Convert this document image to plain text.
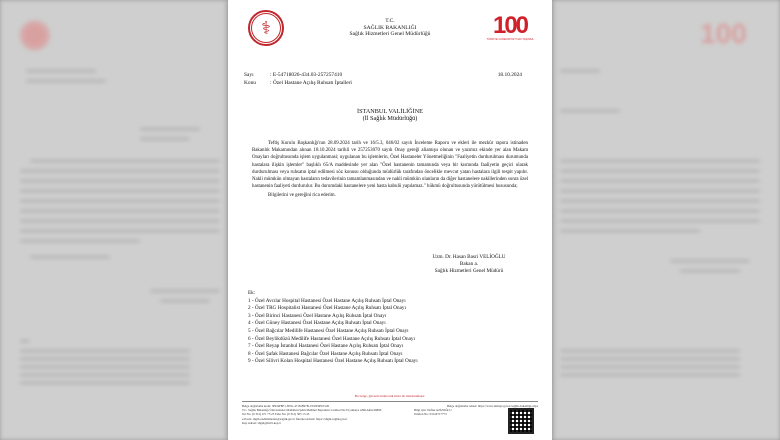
✺	100
⚕	100
TÜRKİYE CUMHURİYETİ 100 YAŞINDA
T.C.
SAĞLIK BAKANLIĞI
Sağlık Hizmetleri Genel Müdürlüğü
Sayı	: E-54718026-434.03-257257410
Konu	: Özel Hastane Açılış Ruhsatı İptalleri
18.10.2024
İSTANBUL VALİLİĞİNE
(İl Sağlık Müdürlüğü)

Teftiş Kurulu Başkanlığı'nın 28.09.2024 tarih ve 16/5.3, 046/02 sayılı İnceleme Raporu ve ekleri ile mezkûr rapora istinaden Bakanlık Makamından alınan 18.10.2024 tarihli ve 257253070 sayılı Onay gereği aliamışu olunan ve yazımız ekinde yer alan Makam Onayları doğrultusunda işlem uygulanmasi; uygulanan bu işlemlerin, Özel Hastaneler Yönetmeliğinin "Faaliyetin durdurulması durumunda hastalara ilişkin işlemler" başlıklı 65/A maddesinde yer alan "Özel hastanenin tamamında veya bir kısmında faaliyetin geçici olarak durdurulması veya ruhsatın iptal edilmesi söz konusu olduğunda müdürlük tarafından öncelikle mevcut yatan hastalara ilgili tespit yapılır. Nakli mümkün olmayan hastaların tedavilerinin tamamlanmasından ve nakli mümkün olanların da diğer hastanelere nakillerinden sonra özel hastanenin faaliyeti durdurulur. Bu durumdaki hastanelere yeni hasta kabulü yapılamaz." hükmü doğrultusunda yürütülmesi hususunda;

Bilgilerini ve gereğini rica ederim.

Uzm. Dr. Hasan Basri VELİOĞLU
Bakan a.
Sağlık Hizmetleri Genel Müdürü
Ek:
1 - Özel Avcılar Hospital Hastanesi Özel Hastane Açılış Ruhsatı İptal Onayı
2 - Özel TRG Hospitalist Hastanesi Özel Hastane Açılış Ruhsatı İptal Onayı
3 - Özel Birinci Hastanesi Özel Hastane Açılış Ruhsatı İptal Onayı
4 - Özel Güney Hastanesi Özel Hastane Açılış Ruhsatı İptal Onayı
5 - Özel Bağcılar Medilife Hastanesi Özel Hastane Açılış Ruhsatı İptal Onayı
6 - Özel Beylikdüzü Medilife Hastanesi Özel Hastane Açılış Ruhsatı İptal Onayı
7 - Özel Reyap İstanbul Hastanesi Özel Hastane Açılış Ruhsatı İptal Onayı
8 - Özel Şafak Hastanesi Bağcılar Özel Hastane Açılış Ruhsatı İptal Onayı
9 - Özel Silivri Kolan Hospital Hastanesi Özel Hastane Açılış Ruhsatı İptal Onayı
Bu belge, güvenli elektronik imza ile imzalanmıştır.
Belge doğrulama kodu: 3ED4F8E1-5E91-4718-B97B-1932E4E01526	Belge doğrulama adresi: https://www.turkiye.gov.tr/saglik-bakanligi-ebys
T.C. Sağlık Bakanlığı Üniversiteler Mahallesi Şehit Mehmet Bayraktar Caddesi No:9 Çankaya ANKARA 06800
Tel No: (0 312) 471 75 25 Faks No: (0 312) 585 13 43
e-Posta: shgm.ozelhizmetler@saglik.gov.tr İnternet Adresi: https://shgm.saglik.gov.tr
Kep Adresi: shgm@hs01.kep.tr
Bilgi için: Nefise AZİZOĞLU
Telefon No: 03124717773
